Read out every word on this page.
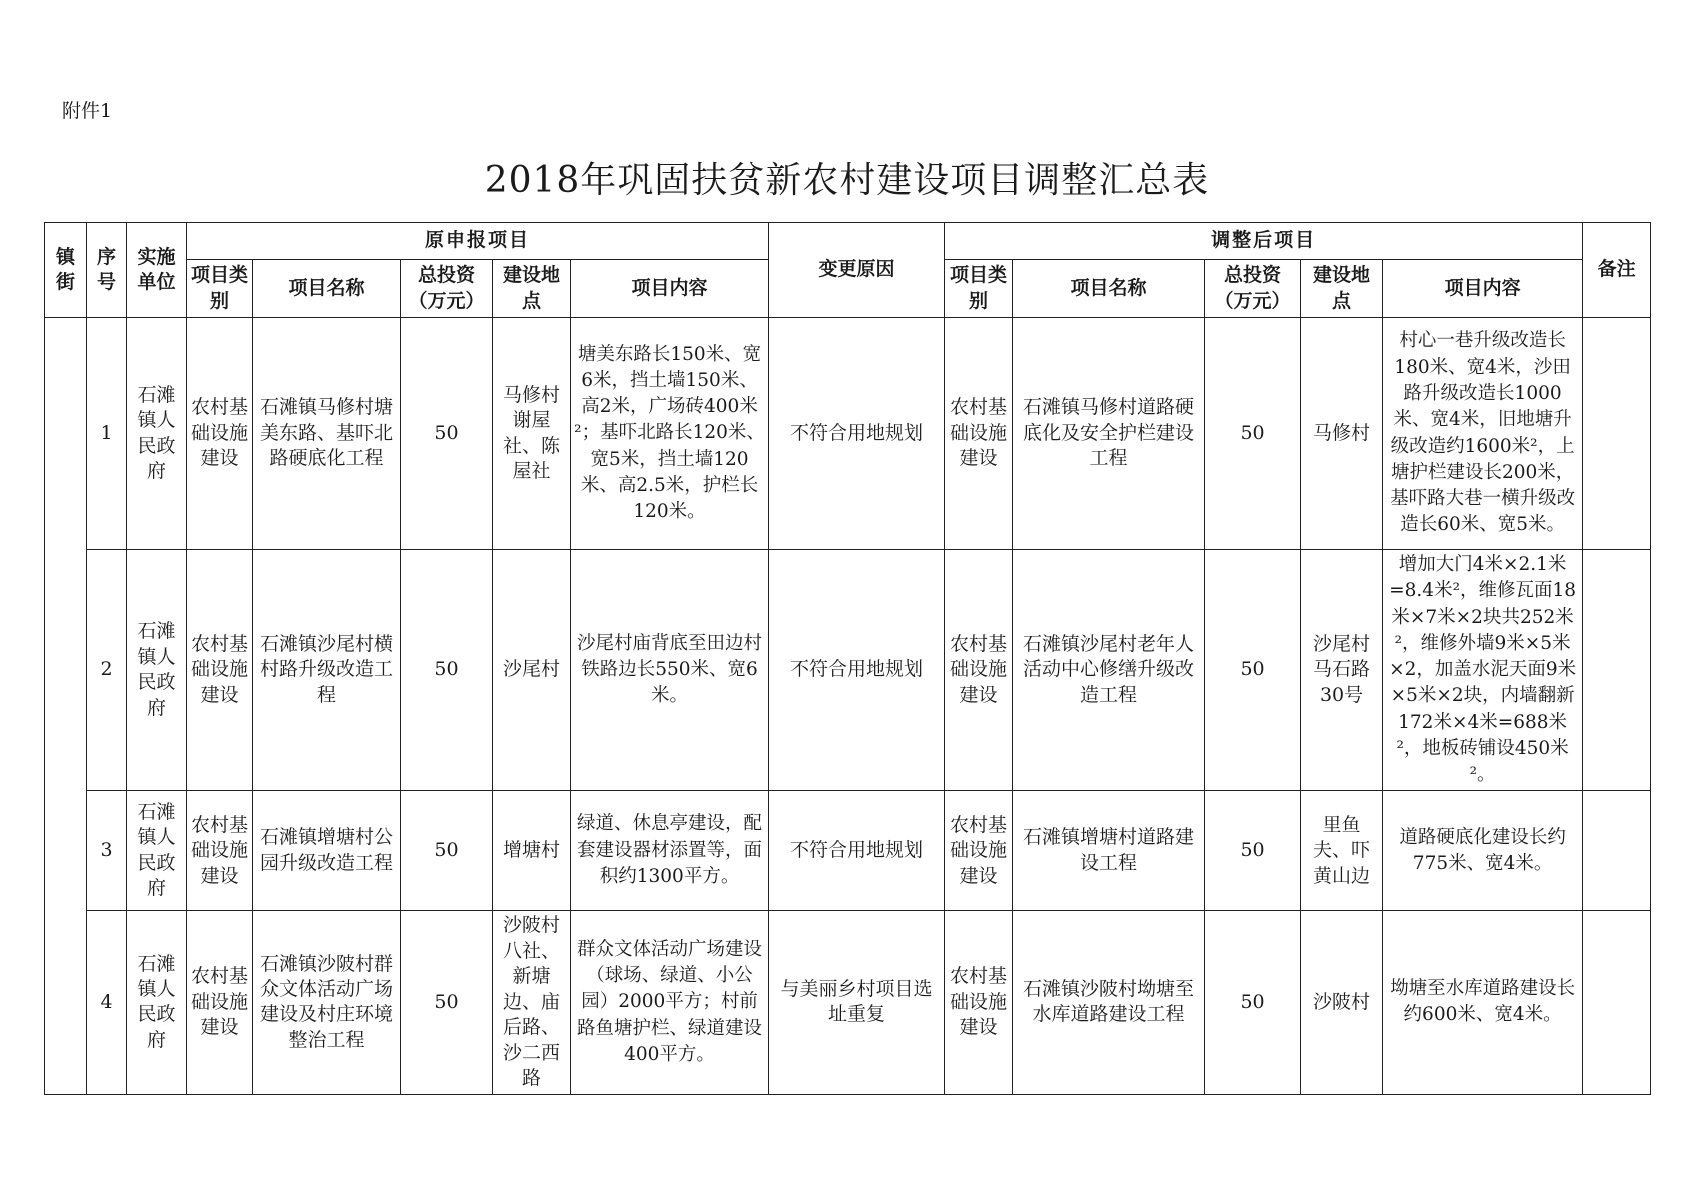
附件1
2018年巩固扶贫新农村建设项目调整汇总表
镇街	序号	实施单位	原申报项目					变更原因	调整后项目					备注
			项目类别	项目名称	总投资（万元）	建设地点	项目内容		项目类别	项目名称	总投资（万元）	建设地点	项目内容	
	1	石滩镇人民政府	农村基础设施建设	石滩镇马修村塘美东路、基吓北路硬底化工程	50	马修村谢屋社、陈屋社	塘美东路长150米、宽6米，挡土墙150米、高2米，广场砖400米²；基吓北路长120米、宽5米，挡土墙120米、高2.5米，护栏长120米。	不符合用地规划	农村基础设施建设	石滩镇马修村道路硬底化及安全护栏建设工程	50	马修村	村心一巷升级改造长180米、宽4米，沙田路升级改造长1000米、宽4米，旧地塘升级改造约1600米²，上塘护栏建设长200米，基吓路大巷一横升级改造长60米、宽5米。	
	2	石滩镇人民政府	农村基础设施建设	石滩镇沙尾村横村路升级改造工程	50	沙尾村	沙尾村庙背底至田边村铁路边长550米、宽6米。	不符合用地规划	农村基础设施建设	石滩镇沙尾村老年人活动中心修缮升级改造工程	50	沙尾村马石路30号	增加大门4米×2.1米=8.4米²，维修瓦面18米×7米×2块共252米²，维修外墙9米×5米×2，加盖水泥天面9米×5米×2块，内墙翻新172米×4米=688米²，地板砖铺设450米²。	
	3	石滩镇人民政府	农村基础设施建设	石滩镇增塘村公园升级改造工程	50	增塘村	绿道、休息亭建设，配套建设器材添置等，面积约1300平方。	不符合用地规划	农村基础设施建设	石滩镇增塘村道路建设工程	50	里鱼夫、吓黄山边	道路硬底化建设长约775米、宽4米。	
	4	石滩镇人民政府	农村基础设施建设	石滩镇沙陂村群众文体活动广场建设及村庄环境整治工程	50	沙陂村八社、新塘边、庙后路、沙二西路	群众文体活动广场建设（球场、绿道、小公园）2000平方；村前路鱼塘护栏、绿道建设400平方。	与美丽乡村项目选址重复	农村基础设施建设	石滩镇沙陂村坳塘至水库道路建设工程	50	沙陂村	坳塘至水库道路建设长约600米、宽4米。	
